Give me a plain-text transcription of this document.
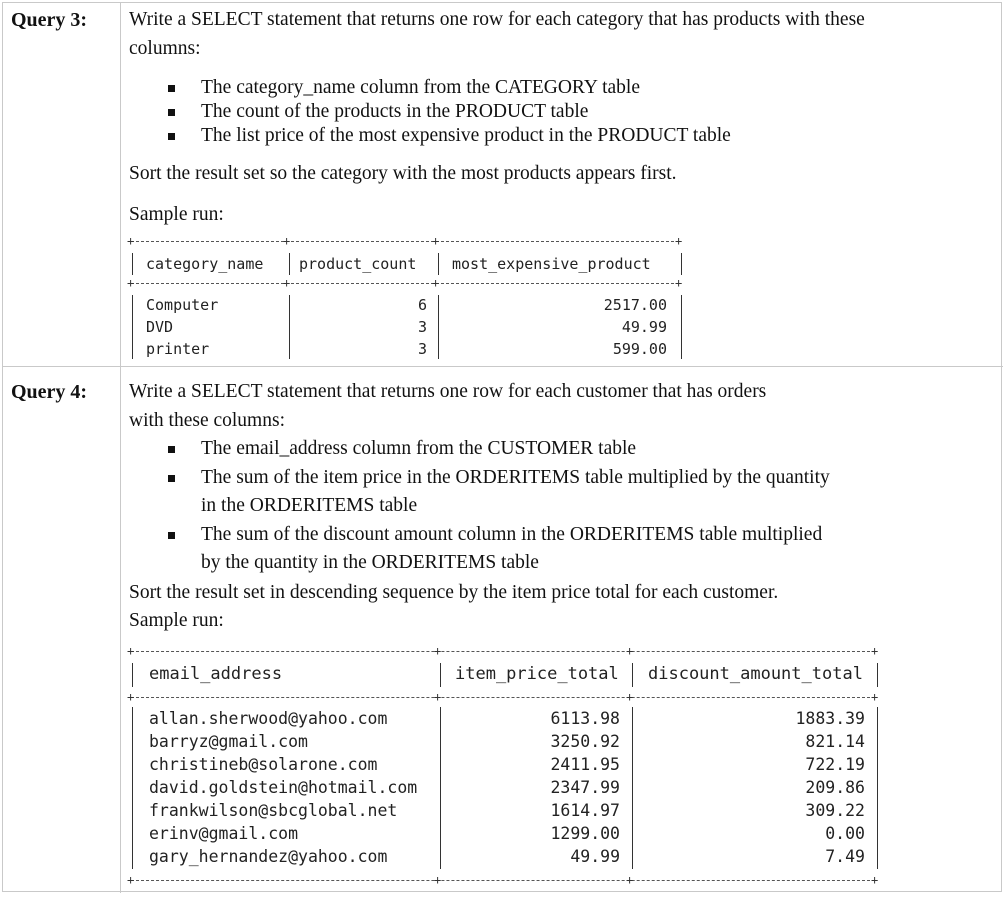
Query 3: Write a SELECT statement that returns one row for each category that has products with these
columns:
The category_name column from the CATEGORY table
The count of the products in the PRODUCT table
The list price of the most expensive product in the PRODUCT table
Sort the result set so the category with the most products appears first.
Sample run:
+	+	+	+
+	+	+	+
category_name product_count most_expensive_product
Computer	6	2517.00
DVD	3	49.99
printer	3	599.00
Query 4: Write a SELECT statement that returns one row for each customer that has orders
with these columns:
The email_address column from the CUSTOMER table
The sum of the item price in the ORDERITEMS table multiplied by the quantity
in the ORDERITEMS table
The sum of the discount amount column in the ORDERITEMS table multiplied
by the quantity in the ORDERITEMS table
Sort the result set in descending sequence by the item price total for each customer.
Sample run:
+	+	+	+
+	+	+	+
+	+	+	+
email_address	item_price_total discount_amount_total
allan.sherwood@yahoo.com	6113.98	1883.39
barryz@gmail.com	3250.92	821.14
christineb@solarone.com	2411.95	722.19
david.goldstein@hotmail.com	2347.99	209.86
frankwilson@sbcglobal.net	1614.97	309.22
erinv@gmail.com	1299.00	0.00
gary_hernandez@yahoo.com	49.99	7.49
